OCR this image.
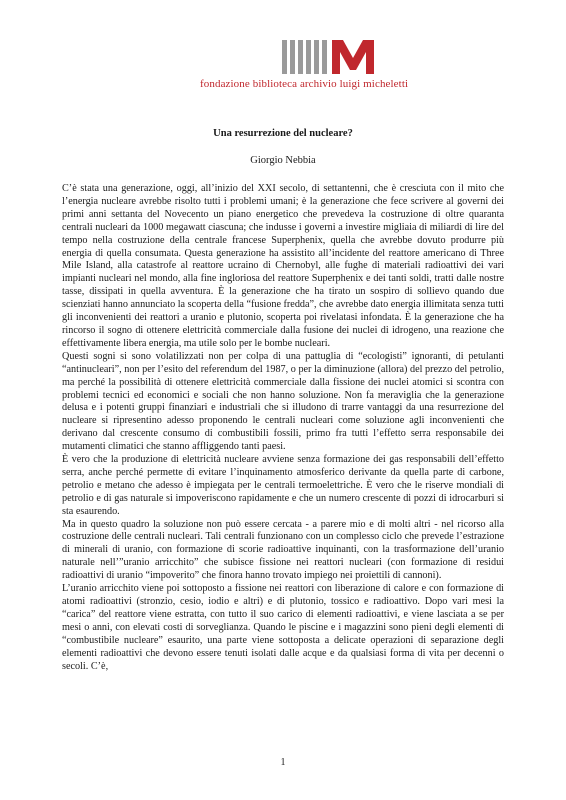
fondazione biblioteca archivio luigi micheletti
Una resurrezione del nucleare?
Giorgio Nebbia

C’è stata una generazione, oggi, all’inizio del XXI secolo, di settantenni, che è cresciuta con il mito che l’energia nucleare avrebbe risolto tutti i problemi umani; è la generazione che fece scrivere al governi dei primi anni settanta del Novecento un piano energetico che prevedeva la costruzione di oltre quaranta centrali nucleari da 1000 megawatt ciascuna; che indusse i governi a investire migliaia di miliardi di lire del tempo nella costruzione della centrale francese Superphenix, quella che avrebbe dovuto produrre più energia di quella consumata. Questa generazione ha assistito all’incidente del reattore americano di Three Mile Island, alla catastrofe al reattore ucraino di Chernobyl, alle fughe di materiali radioattivi dei vari impianti nucleari nel mondo, alla fine ingloriosa del reattore Superphenix e dei tanti soldi, tratti dalle nostre tasse, dissipati in quella avventura. È la generazione che ha tirato un sospiro di sollievo quando due scienziati hanno annunciato la scoperta della “fusione fredda”, che avrebbe dato energia illimitata senza tutti gli inconvenienti dei reattori a uranio e plutonio, scoperta poi rivelatasi infondata. È la generazione che ha rincorso il sogno di ottenere elettricità commerciale dalla fusione dei nuclei di idrogeno, una reazione che effettivamente libera energia, ma utile solo per le bombe nucleari.

Questi sogni si sono volatilizzati non per colpa di una pattuglia di “ecologisti” ignoranti, di petulanti “antinucleari”, non per l’esito del referendum del 1987, o per la diminuzione (allora) del prezzo del petrolio, ma perché la possibilità di ottenere elettricità commerciale dalla fissione dei nuclei atomici si scontra con problemi tecnici ed economici e sociali che non hanno soluzione. Non fa meraviglia che la generazione delusa e i potenti gruppi finanziari e industriali che si illudono di trarre vantaggi da una resurrezione del nucleare si ripresentino adesso proponendo le centrali nucleari come soluzione agli inconvenienti che derivano dal crescente consumo di combustibili fossili, primo fra tutti l’effetto serra responsabile dei mutamenti climatici che stanno affliggendo tanti paesi.

È vero che la produzione di elettricità nucleare avviene senza formazione dei gas responsabili dell’effetto serra, anche perché permette di evitare l’inquinamento atmosferico derivante da quella parte di carbone, petrolio e metano che adesso è impiegata per le centrali termoelettriche. È vero che le riserve mondiali di petrolio e di gas naturale si impoveriscono rapidamente e che un numero crescente di pozzi di idrocarburi si sta esaurendo.

Ma in questo quadro la soluzione non può essere cercata - a parere mio e di molti altri - nel ricorso alla costruzione delle centrali nucleari. Tali centrali funzionano con un complesso ciclo che prevede l’estrazione di minerali di uranio, con formazione di scorie radioattive inquinanti, con la trasformazione dell’uranio naturale nell’”uranio arricchito” che subisce fissione nei reattori nucleari (con formazione di residui radioattivi di uranio “impoverito” che finora hanno trovato impiego nei proiettili di cannoni).

L’uranio arricchito viene poi sottoposto a fissione nei reattori con liberazione di calore e con formazione di atomi radioattivi (stronzio, cesio, iodio e altri) e di plutonio, tossico e radioattivo. Dopo vari mesi la “carica” del reattore viene estratta, con tutto il suo carico di elementi radioattivi, e viene lasciata a se per mesi o anni, con elevati costi di sorveglianza. Quando le piscine e i magazzini sono pieni degli elementi di “combustibile nucleare” esaurito, una parte viene sottoposta a delicate operazioni di separazione degli elementi radioattivi che devono essere tenuti isolati dalle acque e da qualsiasi forma di vita per decenni o secoli. C’è,

1
